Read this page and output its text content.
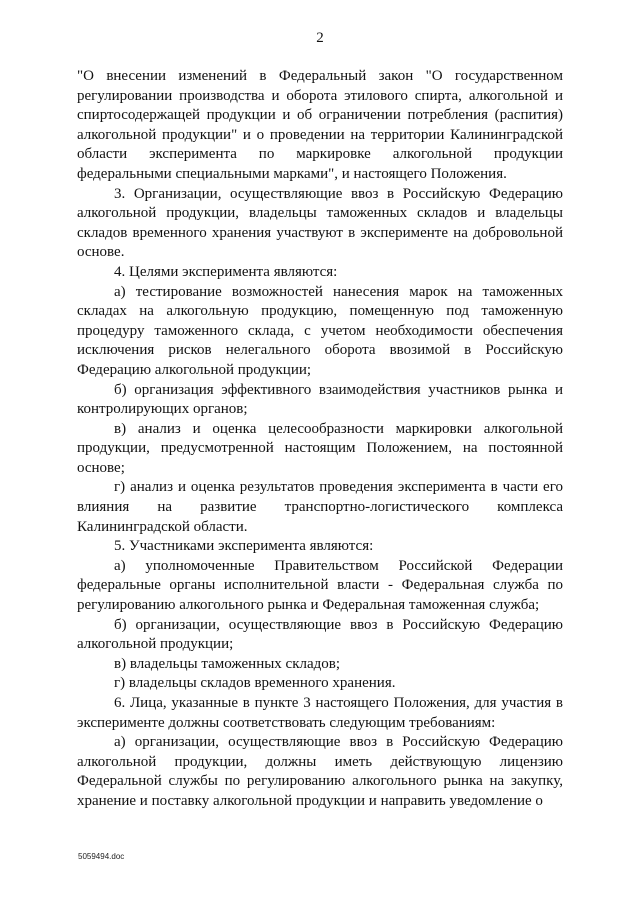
2

"О внесении изменений в Федеральный закон "О государственном регулировании производства и оборота этилового спирта, алкогольной и спиртосодержащей продукции и об ограничении потребления (распития) алкогольной продукции" и о проведении на территории Калининградской области эксперимента по маркировке алкогольной продукции федеральными специальными марками", и настоящего Положения.

3. Организации, осуществляющие ввоз в Российскую Федерацию алкогольной продукции, владельцы таможенных складов и владельцы складов временного хранения участвуют в эксперименте на добровольной основе.

4. Целями эксперимента являются:

а) тестирование возможностей нанесения марок на таможенных складах на алкогольную продукцию, помещенную под таможенную процедуру таможенного склада, с учетом необходимости обеспечения исключения рисков нелегального оборота ввозимой в Российскую Федерацию алкогольной продукции;

б) организация эффективного взаимодействия участников рынка и контролирующих органов;

в) анализ и оценка целесообразности маркировки алкогольной продукции, предусмотренной настоящим Положением, на постоянной основе;

г) анализ и оценка результатов проведения эксперимента в части его влияния на развитие транспортно-логистического комплекса Калининградской области.

5. Участниками эксперимента являются:

а) уполномоченные Правительством Российской Федерации федеральные органы исполнительной власти - Федеральная служба по регулированию алкогольного рынка и Федеральная таможенная служба;

б) организации, осуществляющие ввоз в Российскую Федерацию алкогольной продукции;

в) владельцы таможенных складов;

г) владельцы складов временного хранения.

6. Лица, указанные в пункте 3 настоящего Положения, для участия в эксперименте должны соответствовать следующим требованиям:

а) организации, осуществляющие ввоз в Российскую Федерацию алкогольной продукции, должны иметь действующую лицензию Федеральной службы по регулированию алкогольного рынка на закупку, хранение и поставку алкогольной продукции и направить уведомление о

5059494.doc
